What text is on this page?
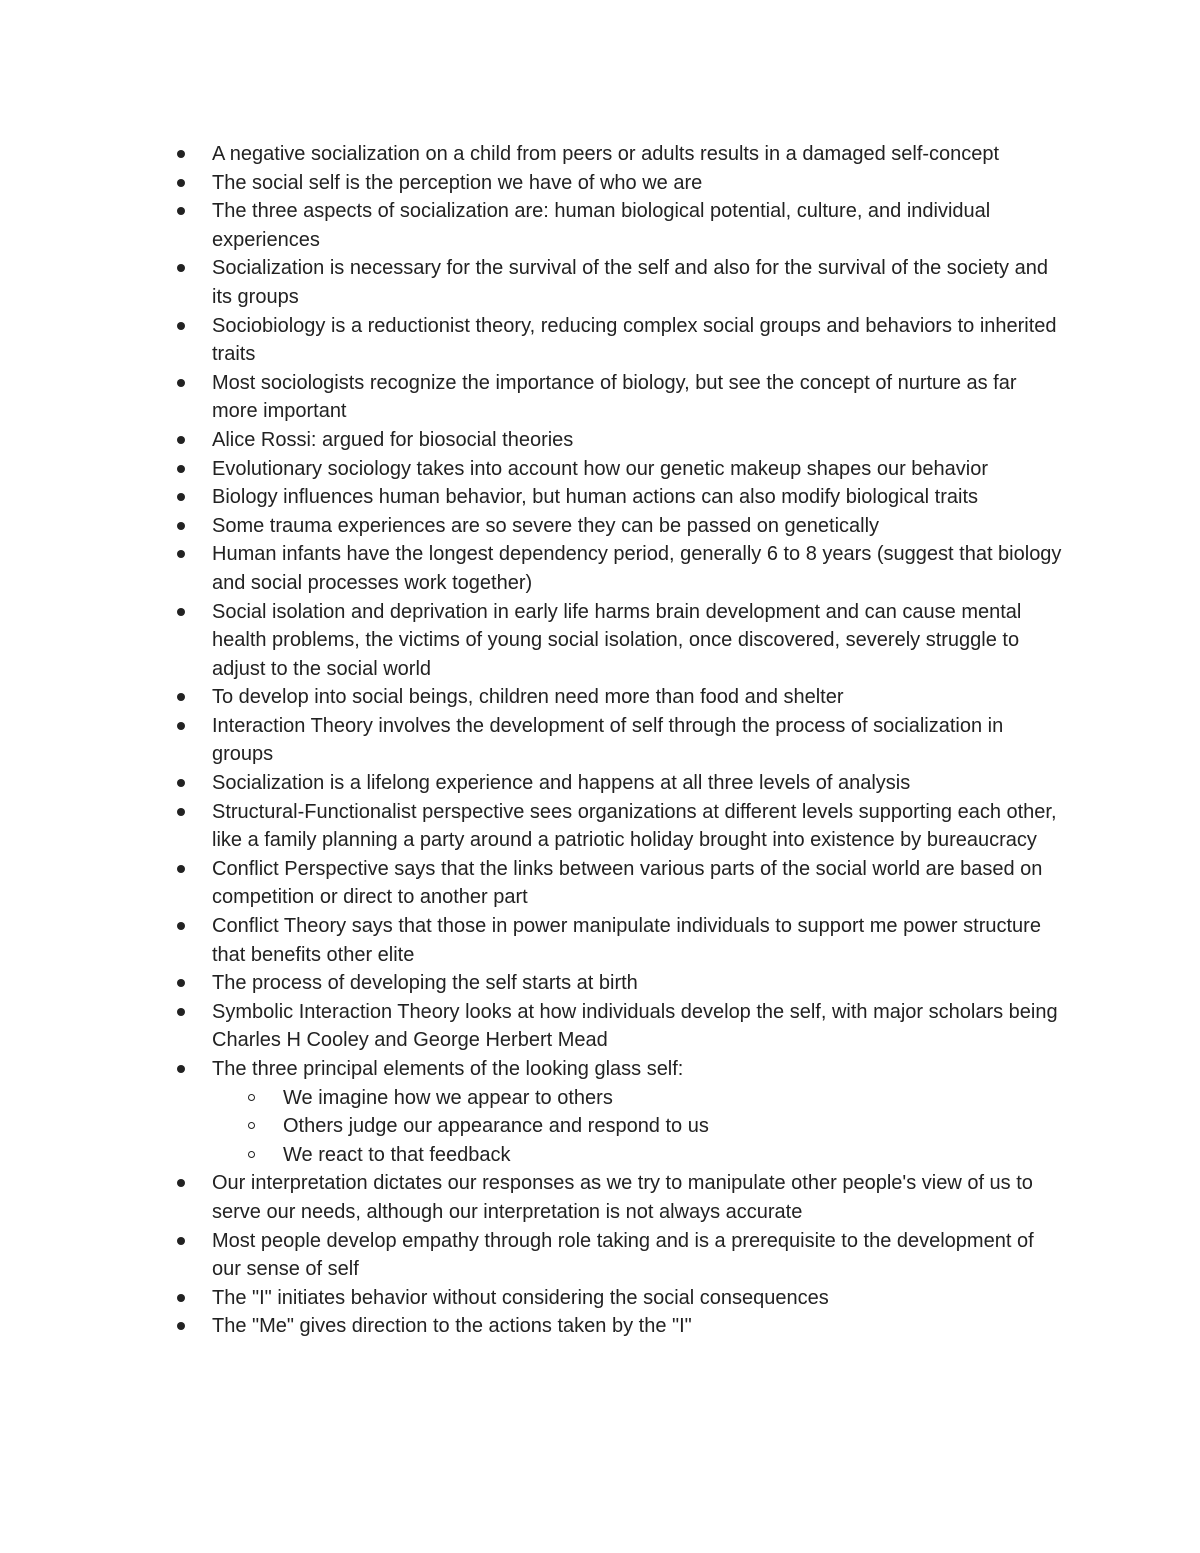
A negative socialization on a child from peers or adults results in a damaged self-concept
The social self is the perception we have of who we are
The three aspects of socialization are: human biological potential, culture, and individual experiences
Socialization is necessary for the survival of the self and also for the survival of the society and its groups
Sociobiology is a reductionist theory, reducing complex social groups and behaviors to inherited traits
Most sociologists recognize the importance of biology, but see the concept of nurture as far more important
Alice Rossi: argued for biosocial theories
Evolutionary sociology takes into account how our genetic makeup shapes our behavior
Biology influences human behavior, but human actions can also modify biological traits
Some trauma experiences are so severe they can be passed on genetically
Human infants have the longest dependency period, generally 6 to 8 years (suggest that biology and social processes work together)
Social isolation and deprivation in early life harms brain development and can cause mental health problems, the victims of young social isolation, once discovered, severely struggle to adjust to the social world
To develop into social beings, children need more than food and shelter
Interaction Theory involves the development of self through the process of socialization in groups
Socialization is a lifelong experience and happens at all three levels of analysis
Structural-Functionalist perspective sees organizations at different levels supporting each other, like a family planning a party around a patriotic holiday brought into existence by bureaucracy
Conflict Perspective says that the links between various parts of the social world are based on competition or direct to another part
Conflict Theory says that those in power manipulate individuals to support me power structure that benefits other elite
The process of developing the self starts at birth
Symbolic Interaction Theory looks at how individuals develop the self, with major scholars being Charles H Cooley and George Herbert Mead
The three principal elements of the looking glass self:
We imagine how we appear to others
Others judge our appearance and respond to us
We react to that feedback
Our interpretation dictates our responses as we try to manipulate other people's view of us to serve our needs, although our interpretation is not always accurate
Most people develop empathy through role taking and is a prerequisite to the development of our sense of self
The "I" initiates behavior without considering the social consequences
The "Me" gives direction to the actions taken by the "I"
